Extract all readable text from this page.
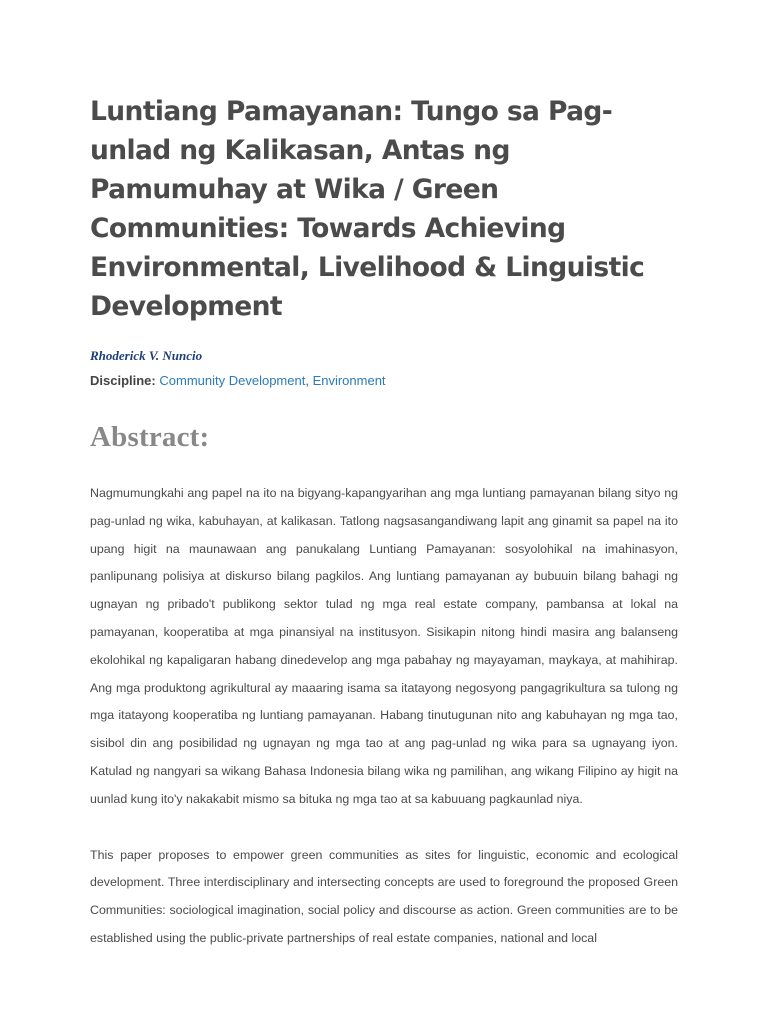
Luntiang Pamayanan: Tungo sa Pag-unlad ng Kalikasan, Antas ng Pamumuhay at Wika / Green Communities: Towards Achieving Environmental, Livelihood & Linguistic Development
Rhoderick V. Nuncio
Discipline: Community Development, Environment
Abstract:

Nagmumungkahi ang papel na ito na bigyang-kapangyarihan ang mga luntiang pamayanan bilang sityo ng pag-unlad ng wika, kabuhayan, at kalikasan. Tatlong nagsasangandiwang lapit ang ginamit sa papel na ito upang higit na maunawaan ang panukalang Luntiang Pamayanan: sosyolohikal na imahinasyon, panlipunang polisiya at diskurso bilang pagkilos. Ang luntiang pamayanan ay bubuuin bilang bahagi ng ugnayan ng pribado't publikong sektor tulad ng mga real estate company, pambansa at lokal na pamayanan, kooperatiba at mga pinansiyal na institusyon. Sisikapin nitong hindi masira ang balanseng ekolohikal ng kapaligaran habang dinedevelop ang mga pabahay ng mayayaman, maykaya, at mahihirap. Ang mga produktong agrikultural ay maaaring isama sa itatayong negosyong pangagrikultura sa tulong ng mga itatayong kooperatiba ng luntiang pamayanan. Habang tinutugunan nito ang kabuhayan ng mga tao, sisibol din ang posibilidad ng ugnayan ng mga tao at ang pag-unlad ng wika para sa ugnayang iyon. Katulad ng nangyari sa wikang Bahasa Indonesia bilang wika ng pamilihan, ang wikang Filipino ay higit na uunlad kung ito'y nakakabit mismo sa bituka ng mga tao at sa kabuuang pagkaunlad niya.

This paper proposes to empower green communities as sites for linguistic, economic and ecological development. Three interdisciplinary and intersecting concepts are used to foreground the proposed Green Communities: sociological imagination, social policy and discourse as action. Green communities are to be established using the public-private partnerships of real estate companies, national and local
